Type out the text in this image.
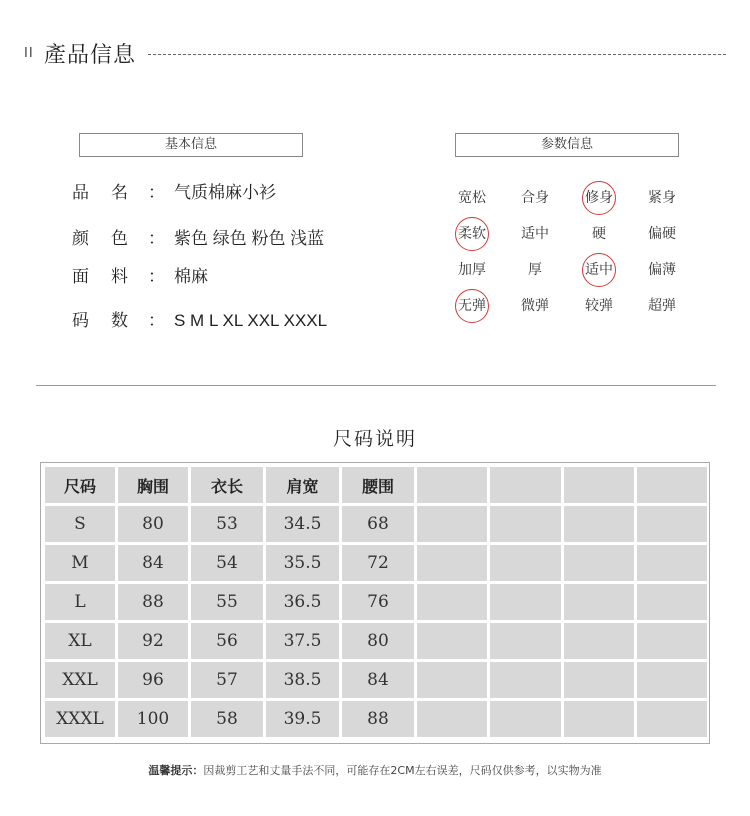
II 產品信息
基本信息
品名： 气质棉麻小衫
颜色： 紫色 绿色 粉色 浅蓝
面料： 棉麻
码数： S M L XL XXL XXXL
参数信息
宽松	合身	修身	紧身
柔软	适中	硬	偏硬
加厚	厚	适中	偏薄
无弹	微弹	较弹	超弹
尺码说明
尺码	胸围	衣长	肩宽	腰围
S	80	53	34.5	68
M	84	54	35.5	72
L	88	55	36.5	76
XL	92	56	37.5	80
XXL	96	57	38.5	84
XXXL	100	58	39.5	88
温馨提示：因裁剪工艺和丈量手法不同，可能存在2CM左右误差，尺码仅供参考，以实物为准
